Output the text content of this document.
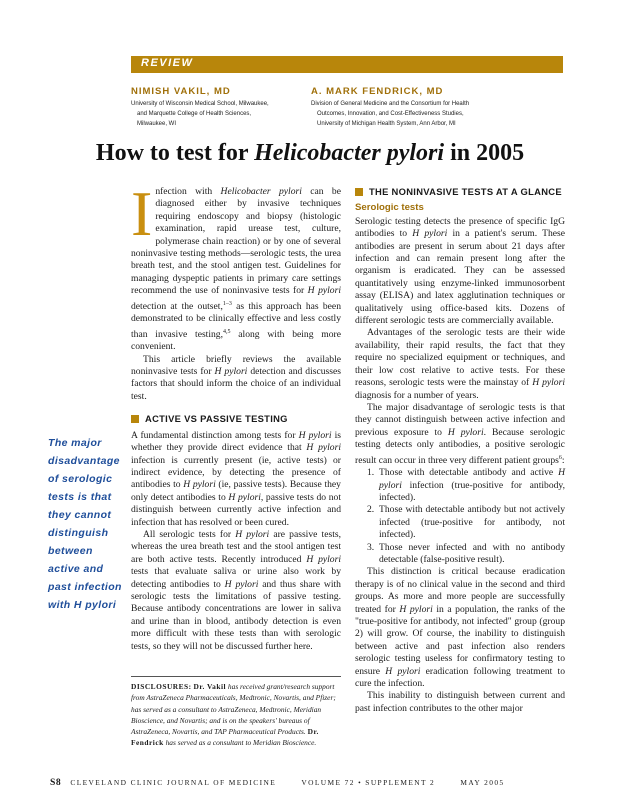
REVIEW
NIMISH VAKIL, MD
University of Wisconsin Medical School, Milwaukee,
and Marquette College of Health Sciences,
Milwaukee, WI
A. MARK FENDRICK, MD
Division of General Medicine and the Consortium for Health
Outcomes, Innovation, and Cost-Effectiveness Studies,
University of Michigan Health System, Ann Arbor, MI
How to test for Helicobacter pylori in 2005
The major disadvantage of serologic tests is that they cannot distinguish between active and past infection with H pylori

Infection with Helicobacter pylori can be diagnosed either by invasive techniques requiring endoscopy and biopsy (histologic examination, rapid urease test, culture, polymerase chain reaction) or by one of several noninvasive testing methods—serologic tests, the urea breath test, and the stool antigen test. Guidelines for managing dyspeptic patients in primary care settings recommend the use of noninvasive tests for H pylori detection at the outset,$^{1-3}$ as this approach has been demonstrated to be clinically effective and less costly than invasive testing,$^{4,5}$ along with being more convenient.

This article briefly reviews the available noninvasive tests for H pylori detection and discusses factors that should inform the choice of an individual test.

ACTIVE VS PASSIVE TESTING

A fundamental distinction among tests for H pylori is whether they provide direct evidence that H pylori infection is currently present (ie, active tests) or indirect evidence, by detecting the presence of antibodies to H pylori (ie, passive tests). Because they only detect antibodies to H pylori, passive tests do not distinguish between currently active infection and infection that has resolved or been cured.

All serologic tests for H pylori are passive tests, whereas the urea breath test and the stool antigen test are both active tests. Recently introduced H pylori tests that evaluate saliva or urine also work by detecting antibodies to H pylori and thus share with serologic tests the limitations of passive testing. Because antibody concentrations are lower in saliva and urine than in blood, antibody detection is even more difficult with these tests than with serologic tests, so they will not be discussed further here.

DISCLOSURES: Dr. Vakil has received grant/research support from AstraZeneca Pharmaceuticals, Medtronic, Novartis, and Pfizer; has served as a consultant to AstraZeneca, Medtronic, Meridian Bioscience, and Novartis; and is on the speakers' bureaus of AstraZeneca, Novartis, and TAP Pharmaceutical Products. Dr. Fendrick has served as a consultant to Meridian Bioscience.
THE NONINVASIVE TESTS AT A GLANCE
Serologic tests

Serologic testing detects the presence of specific IgG antibodies to H pylori in a patient's serum. These antibodies are present in serum about 21 days after infection and can remain present long after the organism is eradicated. They can be assessed quantitatively using enzyme-linked immunosorbent assay (ELISA) and latex agglutination techniques or qualitatively using office-based kits. Dozens of different serologic tests are commercially available.

Advantages of the serologic tests are their wide availability, their rapid results, the fact that they require no specialized equipment or techniques, and their low cost relative to active tests. For these reasons, serologic tests were the mainstay of H pylori diagnosis for a number of years.

The major disadvantage of serologic tests is that they cannot distinguish between active infection and previous exposure to H pylori. Because serologic testing detects only antibodies, a positive serologic result can occur in three very different patient groups$^6$:

1. Those with detectable antibody and active H pylori infection (true-positive for antibody, infected).
2. Those with detectable antibody but not actively infected (true-positive for antibody, not infected).
3. Those never infected and with no antibody detectable (false-positive result).

This distinction is critical because eradication therapy is of no clinical value in the second and third groups. As more and more people are successfully treated for H pylori in a population, the ranks of the "true-positive for antibody, not infected" group (group 2) will grow. Of course, the inability to distinguish between active and past infection also renders serologic testing useless for confirmatory testing to ensure H pylori eradication following treatment to cure the infection.

This inability to distinguish between current and past infection contributes to the other major

S8 CLEVELAND CLINIC JOURNAL OF MEDICINE	VOLUME 72 • SUPPLEMENT 2	MAY 2005
